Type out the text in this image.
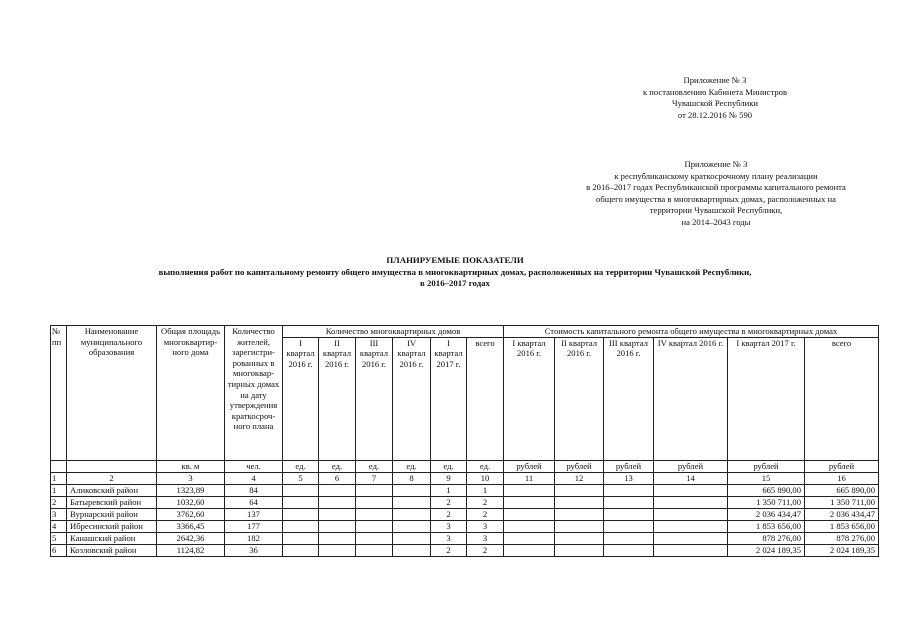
Приложение № 3
к постановлению Кабинета Министров
Чувашской Республики
от 28.12.2016 № 590
Приложение № 3
к республиканскому краткосрочному плану реализации
в 2016–2017 годах Республиканской программы капитального ремонта
общего имущества в многоквартирных домах, расположенных на
территории Чувашской Республики,
на 2014–2043 годы
ПЛАНИРУЕМЫЕ ПОКАЗАТЕЛИ
выполнения работ по капитальному ремонту общего имущества в многоквартирных домах, расположенных на территории Чувашской Республики,
в 2016–2017 годах
№ пп	Наименование муниципального образования	Общая площадь многоквартир-ного дома	Количество жителей, зарегистри-рованных в многоквар-тирных домах на дату утверждения краткосроч-ного плана	Количество многоквартирных домов						Стоимость капитального ремонта общего имущества в многоквартирных домах					
				I квартал 2016 г.	II квартал 2016 г.	III квартал 2016 г.	IV квартал 2016 г.	I квартал 2017 г.	всего	I квартал 2016 г.	II квартал 2016 г.	III квартал 2016 г.	IV квартал 2016 г.	I квартал 2017 г.	всего
		кв. м	чел.	ед.	ед.	ед.	ед.	ед.	ед.	рублей	рублей	рублей	рублей	рублей	рублей
1	2	3	4	5	6	7	8	9	10	11	12	13	14	15	16
1	Аликовский район	1323,89	84					1	1					665 890,00	665 890,00
2	Батыревский район	1032,60	64					2	2					1 350 711,00	1 350 711,00
3	Вурнарский район	3762,60	137					2	2					2 036 434,47	2 036 434,47
4	Ибресинский район	3366,45	177					3	3					1 853 656,00	1 853 656,00
5	Канашский район	2642,36	182					3	3					878 276,00	878 276,00
6	Козловский район	1124,82	36					2	2					2 024 189,35	2 024 189,35
